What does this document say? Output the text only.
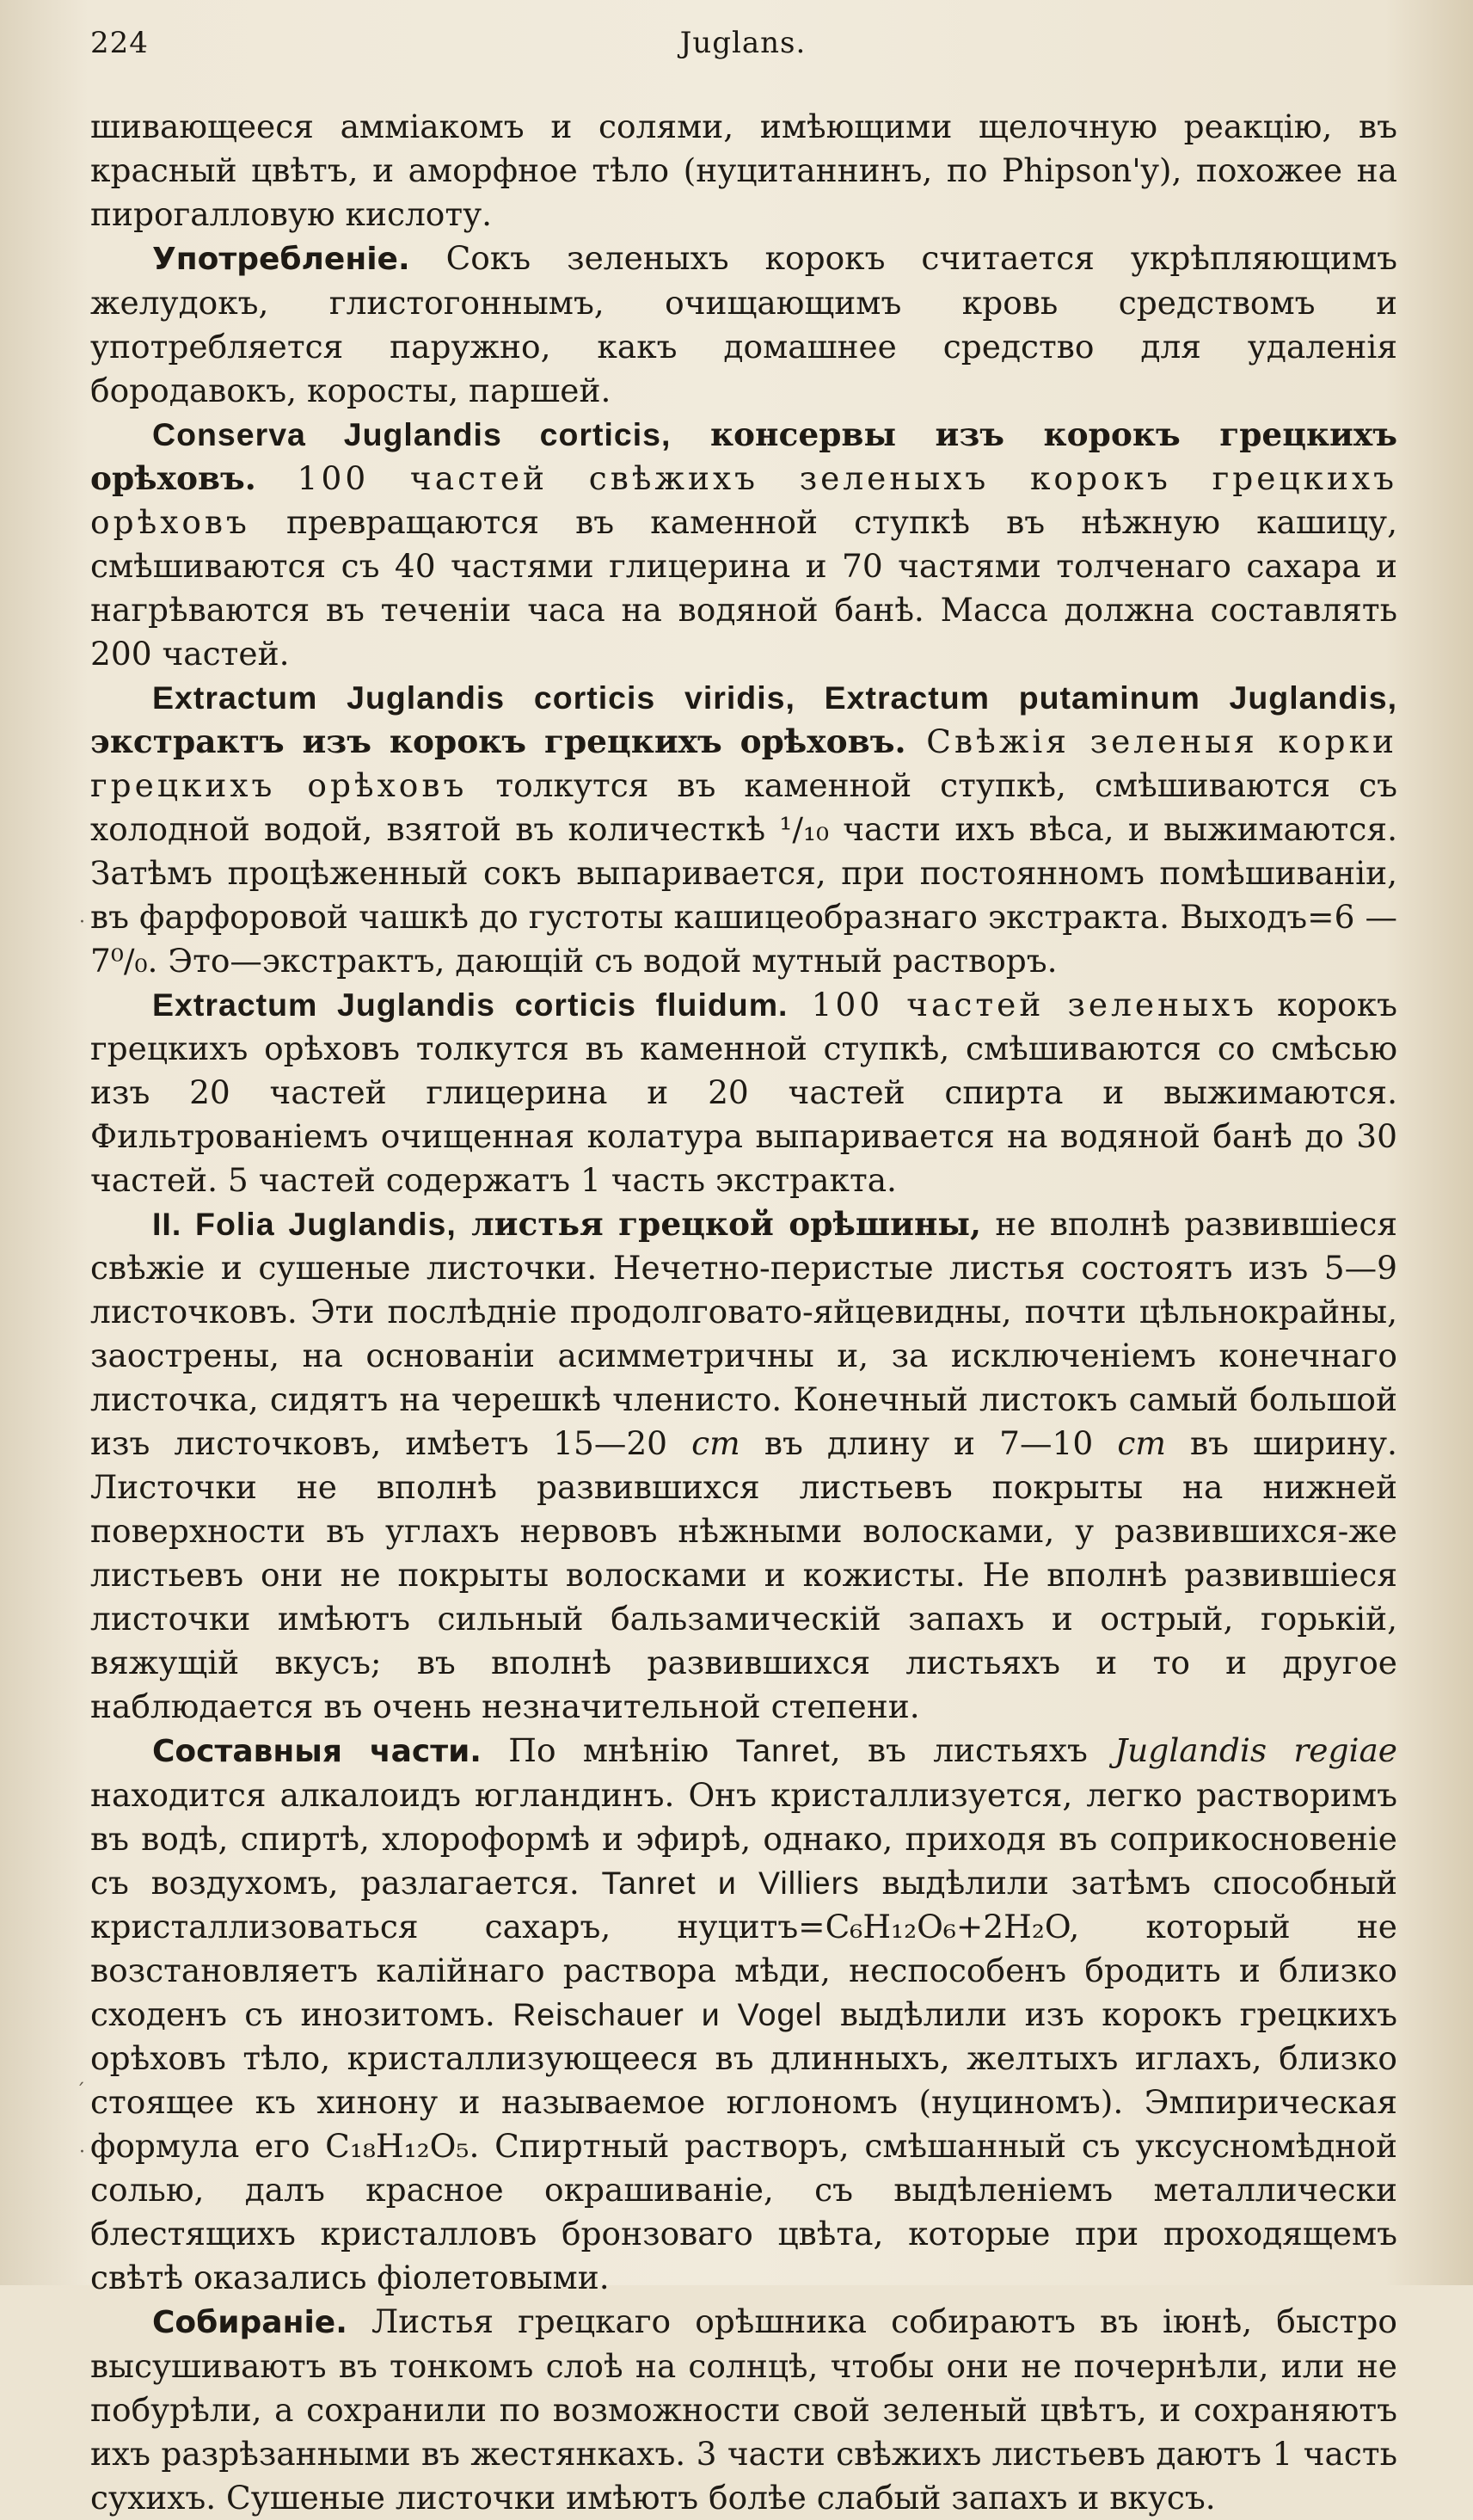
224	Juglans.

шивающееся амміакомъ и солями, имѣющими щелочную реакцію, въ красный цвѣтъ, и аморфное тѣло (нуцитаннинъ, по Phipson'y), похожее на пирогалловую кислоту.

Употребленіе. Сокъ зеленыхъ корокъ считается укрѣпляющимъ желудокъ, глистогоннымъ, очищающимъ кровь средствомъ и употребляется паружно, какъ домашнее средство для удаленія бородавокъ, коросты, паршей.

Conserva Juglandis corticis, консервы изъ корокъ грецкихъ орѣховъ. 100 частей свѣжихъ зеленыхъ корокъ грецкихъ орѣховъ превращаются въ каменной ступкѣ въ нѣжную кашицу, смѣшиваются съ 40 частями глицерина и 70 частями толченаго сахара и нагрѣваются въ теченіи часа на водяной банѣ. Масса должна составлять 200 частей.

Extractum Juglandis corticis viridis, Extractum putaminum Juglandis, экстрактъ изъ корокъ грецкихъ орѣховъ. Свѣжія зеленыя корки грецкихъ орѣховъ толкутся въ каменной ступкѣ, смѣшиваются съ холодной водой, взятой въ количесткѣ ¹/₁₀ части ихъ вѣса, и выжимаются. Затѣмъ процѣженный сокъ выпаривается, при постоянномъ помѣшиваніи, въ фарфоровой чашкѣ до густоты кашицеобразнаго экстракта. Выходъ=6 — 7⁰/₀. Это—экстрактъ, дающій съ водой мутный растворъ.

Extractum Juglandis corticis fluidum. 100 частей зеленыхъ корокъ грецкихъ орѣховъ толкутся въ каменной ступкѣ, смѣшиваются со смѣсью изъ 20 частей глицерина и 20 частей спирта и выжимаются. Фильтрованіемъ очищенная колатура выпаривается на водяной банѣ до 30 частей. 5 частей содержатъ 1 часть экстракта.

II. Folia Juglandis, листья грецкой орѣшины, не вполнѣ развившіеся свѣжіе и сушеные листочки. Нечетно-перистые листья состоятъ изъ 5—9 листочковъ. Эти послѣдніе продолговато-яйцевидны, почти цѣльнокрайны, заострены, на основаніи асимметричны и, за исключеніемъ конечнаго листочка, сидятъ на черешкѣ членисто. Конечный листокъ самый большой изъ листочковъ, имѣетъ 15—20 cm въ длину и 7—10 cm въ ширину. Листочки не вполнѣ развившихся листьевъ покрыты на нижней поверхности въ углахъ нервовъ нѣжными волосками, у развившихся-же листьевъ они не покрыты волосками и кожисты. Не вполнѣ развившіеся листочки имѣютъ сильный бальзамическій запахъ и острый, горькій, вяжущій вкусъ; въ вполнѣ развившихся листьяхъ и то и другое наблюдается въ очень незначительной степени.

Составныя части. По мнѣнію Tanret, въ листьяхъ Juglandis regiae находится алкалоидъ югландинъ. Онъ кристаллизуется, легко растворимъ въ водѣ, спиртѣ, хлороформѣ и эфирѣ, однако, приходя въ соприкосновеніе съ воздухомъ, разлагается. Tanret и Villiers выдѣлили затѣмъ способный кристаллизоваться сахаръ, нуцитъ=C₆H₁₂O₆+2H₂O, который не возстановляетъ калійнаго раствора мѣди, неспособенъ бродить и близко сходенъ съ инозитомъ. Reischauer и Vogel выдѣлили изъ корокъ грецкихъ орѣховъ тѣло, кристаллизующееся въ длинныхъ, желтыхъ иглахъ, близко стоящее къ хинону и называемое юглономъ (нуциномъ). Эмпирическая формула его C₁₈H₁₂O₅. Спиртный растворъ, смѣшанный съ уксусномѣдной солью, далъ красное окрашиваніе, съ выдѣленіемъ металлически блестящихъ кристалловъ бронзоваго цвѣта, которые при проходящемъ свѣтѣ оказались фіолетовыми.

Собираніе. Листья грецкаго орѣшника собираютъ въ іюнѣ, быстро высушиваютъ въ тонкомъ слоѣ на солнцѣ, чтобы они не почернѣли, или не побурѣли, а сохранили по возможности свой зеленый цвѣтъ, и сохраняютъ ихъ разрѣзанными въ жестянкахъ. 3 части свѣжихъ листьевъ даютъ 1 часть сухихъ. Сушеные листочки имѣютъ болѣе слабый запахъ и вкусъ.

·
ˊ
·
